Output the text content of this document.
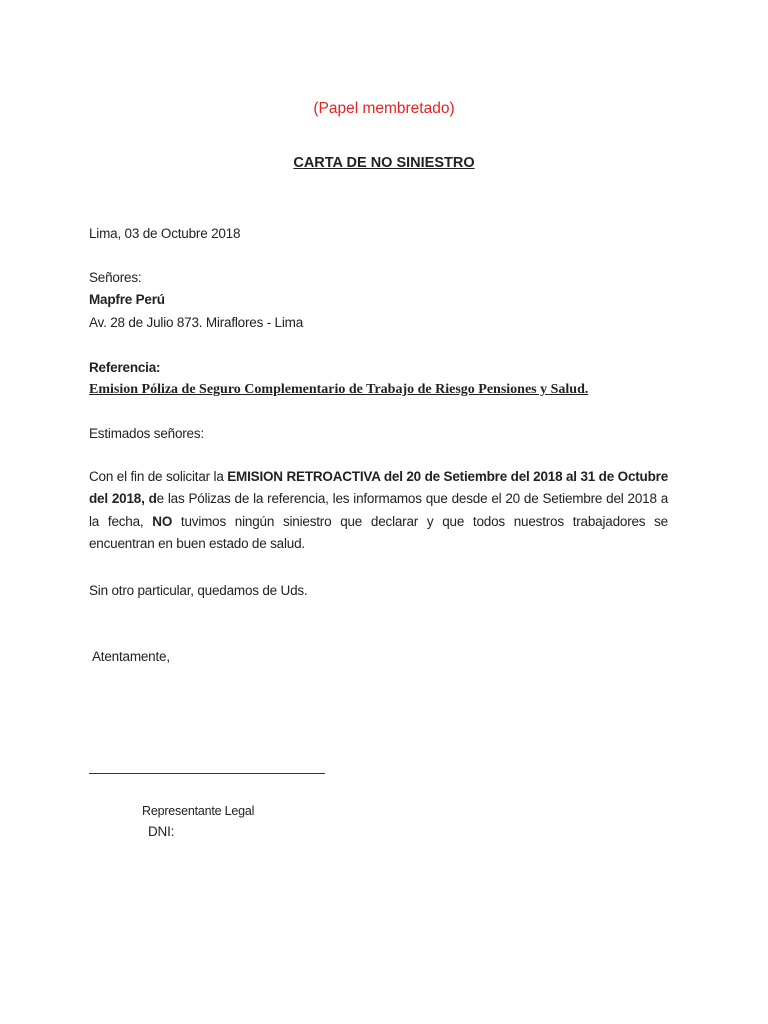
(Papel membretado)
CARTA DE NO SINIESTRO
Lima, 03 de Octubre 2018
Señores:
Mapfre Perú
Av. 28 de Julio 873. Miraflores - Lima
Referencia:
Emision Póliza de Seguro Complementario de Trabajo de Riesgo Pensiones y Salud.
Estimados señores:
Con el fin de solicitar la EMISION RETROACTIVA del 20 de Setiembre del 2018 al 31 de Octubre del 2018, de las Pólizas de la referencia, les informamos que desde el 20 de Setiembre del 2018 a la fecha, NO tuvimos ningún siniestro que declarar y que todos nuestros trabajadores se encuentran en buen estado de salud.
Sin otro particular, quedamos de Uds.
Atentamente,
Representante Legal
DNI:
